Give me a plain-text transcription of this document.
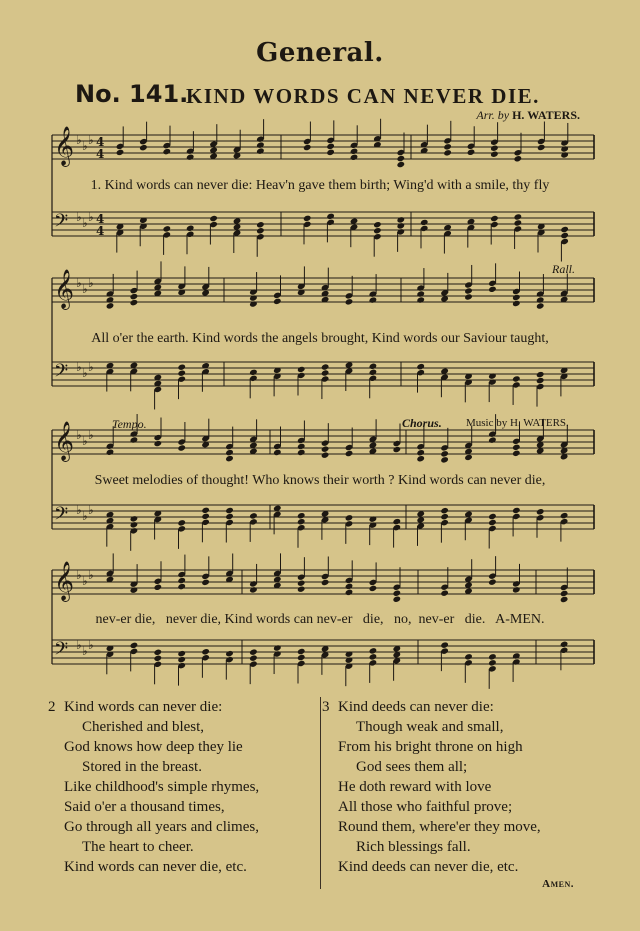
General.
No. 141.
KIND WORDS CAN NEVER DIE.
Arr. by H. WATERS.
𝄞 ♭ ♭ ♭ 4
4
𝄢 ♭ ♭ ♭ 4
4
𝄞 ♭ ♭ ♭
𝄢 ♭ ♭ ♭
𝄞 ♭ ♭ ♭
𝄢 ♭ ♭ ♭
𝄞 ♭ ♭ ♭
𝄢 ♭ ♭ ♭
Rall.
Tempo.	Chorus. Music by H. WATERS.
1. Kind words can never die: Heav'n gave them birth; Wing'd with a smile, thy fly
All o'er the earth. Kind words the angels brought, Kind words our Saviour taught,
Sweet melodies of thought! Who knows their worth ? Kind words can never die,
nev-er die,   never die, Kind words can nev-er   die,   no,  nev-er   die.   A-MEN.
2 Kind words can never die:
Cherished and blest,
God knows how deep they lie
Stored in the breast.
Like childhood's simple rhymes,
Said o'er a thousand times,
Go through all years and climes,
The heart to cheer.
Kind words can never die, etc.
3 Kind deeds can never die:
Though weak and small,
From his bright throne on high
God sees them all;
He doth reward with love
All those who faithful prove;
Round them, where'er they move,
Rich blessings fall.
Kind deeds can never die, etc.
Amen.
